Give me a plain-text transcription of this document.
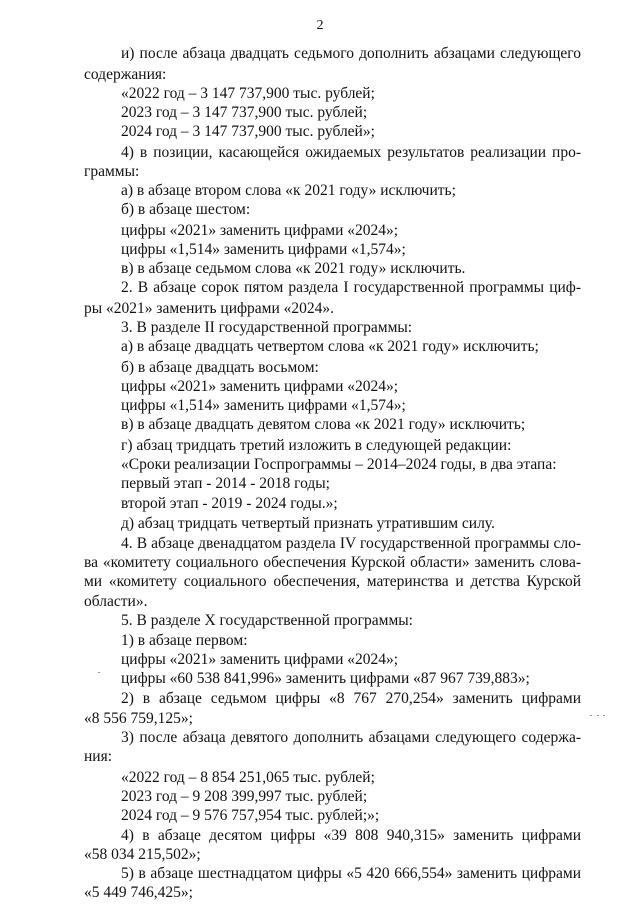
2
и) после абзаца двадцать седьмого дополнить абзацами следующего
содержания:
«2022 год – 3 147 737,900 тыс. рублей;
2023 год – 3 147 737,900 тыс. рублей;
2024 год – 3 147 737,900 тыс. рублей»;
4) в позиции, касающейся ожидаемых результатов реализации про-
граммы:
а) в абзаце втором слова «к 2021 году» исключить;
б) в абзаце шестом:
цифры «2021» заменить цифрами «2024»;
цифры «1,514» заменить цифрами «1,574»;
в) в абзаце седьмом слова «к 2021 году» исключить.
2. В абзаце сорок пятом раздела I государственной программы циф-
ры «2021» заменить цифрами «2024».
3. В разделе II государственной программы:
а) в абзаце двадцать четвертом слова «к 2021 году» исключить;
б) в абзаце двадцать восьмом:
цифры «2021» заменить цифрами «2024»;
цифры «1,514» заменить цифрами «1,574»;
в) в абзаце двадцать девятом слова «к 2021 году» исключить;
г) абзац тридцать третий изложить в следующей редакции:
«Сроки реализации Госпрограммы – 2014–2024 годы, в два этапа:
первый этап - 2014 - 2018 годы;
второй этап - 2019 - 2024 годы.»;
д) абзац тридцать четвертый признать утратившим силу.
4. В абзаце двенадцатом раздела IV государственной программы сло-
ва «комитету социального обеспечения Курской области» заменить слова-
ми «комитету социального обеспечения, материнства и детства Курской
области».
5. В разделе X государственной программы:
1) в абзаце первом:
цифры «2021» заменить цифрами «2024»;
цифры «60 538 841,996» заменить цифрами «87 967 739,883»;
2) в абзаце седьмом цифры «8 767 270,254» заменить цифрами
«8 556 759,125»;
3) после абзаца девятого дополнить абзацами следующего содержа-
ния:
«2022 год – 8 854 251,065 тыс. рублей;
2023 год – 9 208 399,997 тыс. рублей;
2024 год – 9 576 757,954 тыс. рублей;»;
4) в абзаце десятом цифры «39 808 940,315» заменить цифрами
«58 034 215,502»;
5) в абзаце шестнадцатом цифры «5 420 666,554» заменить цифрами
«5 449 746,425»;
